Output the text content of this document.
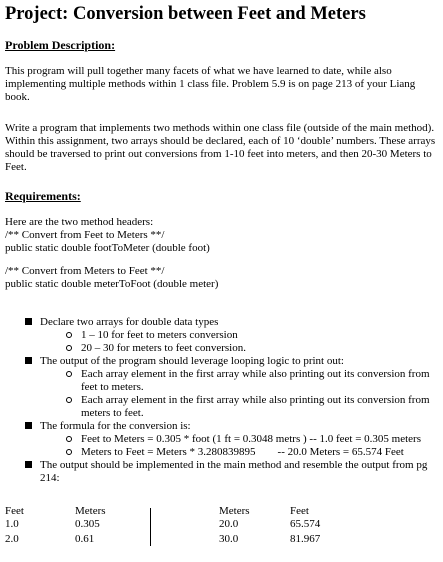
Project: Conversion between Feet and Meters
Problem Description:

This program will pull together many facets of what we have learned to date, while also implementing multiple methods within 1 class file. Problem 5.9 is on page 213 of your Liang book.

Write a program that implements two methods within one class file (outside of the main method). Within this assignment, two arrays should be declared, each of 10 ‘double’ numbers. These arrays should be traversed to print out conversions from 1-10 feet into meters, and then 20-30 Meters to Feet.

Requirements:
Here are the two method headers:
/** Convert from Feet to Meters **/
public static double footToMeter (double foot)
/** Convert from Meters to Feet **/
public static double meterToFoot (double meter)
Declare two arrays for double data types
1 – 10 for feet to meters conversion
20 – 30 for meters to feet conversion.
The output of the program should leverage looping logic to print out:
Each array element in the first array while also printing out its conversion from feet to meters.
Each array element in the first array while also printing out its conversion from meters to feet.
The formula for the conversion is:
Feet to Meters = 0.305 * foot (1 ft = 0.3048 metrs ) -- 1.0 feet = 0.305 meters
Meters to Feet = Meters * 3.280839895 -- 20.0 Meters = 65.574 Feet
The output should be implemented in the main method and resemble the output from pg 214:
Feet	Meters	Meters	Feet
1.0	0.305	20.0	65.574
2.0	0.61	30.0	81.967
